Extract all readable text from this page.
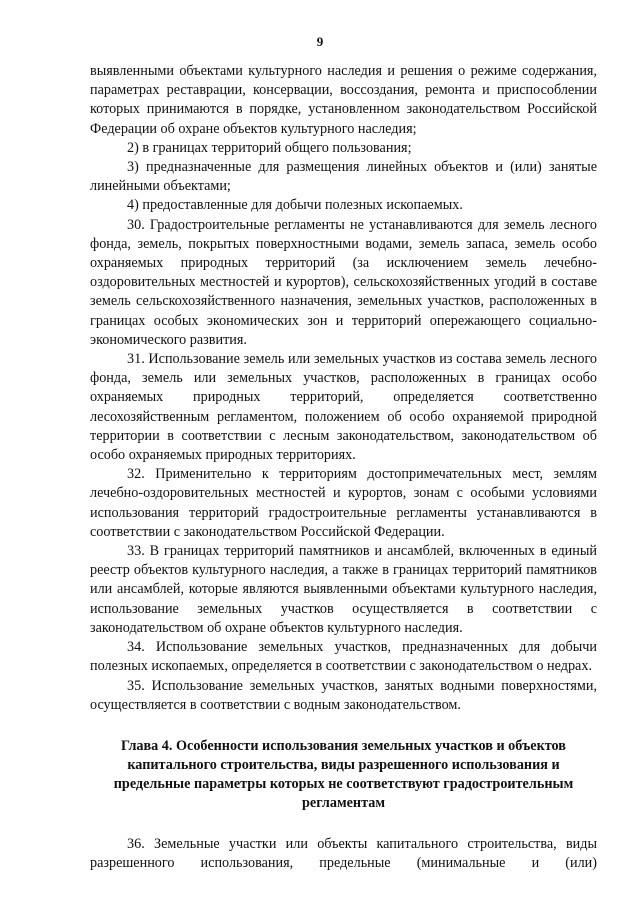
9

выявленными объектами культурного наследия и решения о режиме содержания, параметрах реставрации, консервации, воссоздания, ремонта и приспособлении которых принимаются в порядке, установленном законодательством Российской Федерации об охране объектов культурного наследия;

2) в границах территорий общего пользования;

3) предназначенные для размещения линейных объектов и (или) занятые линейными объектами;

4) предоставленные для добычи полезных ископаемых.

30. Градостроительные регламенты не устанавливаются для земель лесного фонда, земель, покрытых поверхностными водами, земель запаса, земель особо охраняемых природных территорий (за исключением земель лечебно-оздоровительных местностей и курортов), сельскохозяйственных угодий в составе земель сельскохозяйственного назначения, земельных участков, расположенных в границах особых экономических зон и территорий опережающего социально-экономического развития.

31. Использование земель или земельных участков из состава земель лесного фонда, земель или земельных участков, расположенных в границах особо охраняемых природных территорий, определяется соответственно лесохозяйственным регламентом, положением об особо охраняемой природной территории в соответствии с лесным законодательством, законодательством об особо охраняемых природных территориях.

32. Применительно к территориям достопримечательных мест, землям лечебно-оздоровительных местностей и курортов, зонам с особыми условиями использования территорий градостроительные регламенты устанавливаются в соответствии с законодательством Российской Федерации.

33. В границах территорий памятников и ансамблей, включенных в единый реестр объектов культурного наследия, а также в границах территорий памятников или ансамблей, которые являются выявленными объектами культурного наследия, использование земельных участков осуществляется в соответствии с законодательством об охране объектов культурного наследия.

34. Использование земельных участков, предназначенных для добычи полезных ископаемых, определяется в соответствии с законодательством о недрах.

35. Использование земельных участков, занятых водными поверхностями, осуществляется в соответствии с водным законодательством.

Глава 4. Особенности использования земельных участков и объектов капитального строительства, виды разрешенного использования и предельные параметры которых не соответствуют градостроительным регламентам

36. Земельные участки или объекты капитального строительства, виды разрешенного использования, предельные (минимальные и (или)
